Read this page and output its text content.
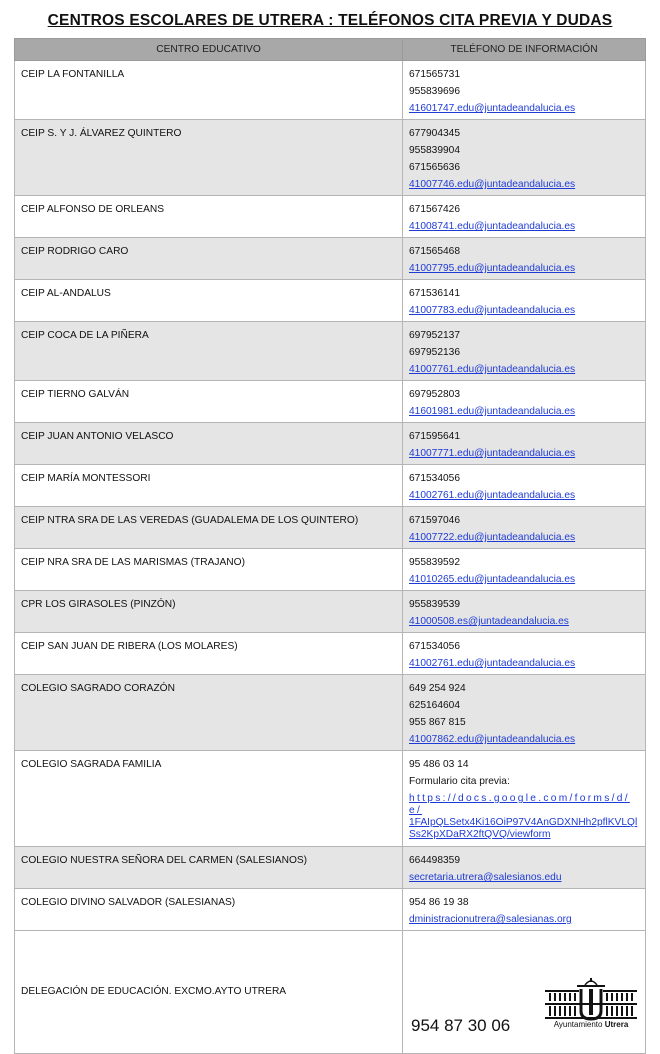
CENTROS ESCOLARES DE UTRERA : TELÉFONOS CITA PREVIA Y DUDAS
CENTRO EDUCATIVO	TELÉFONO DE INFORMACIÓN
CEIP LA FONTANILLA	671565731
955839696
41601747.edu@juntadeandalucia.es

CEIP S. Y J. ÁLVAREZ QUINTERO	677904345
955839904
671565636
41007746.edu@juntadeandalucia.es

CEIP ALFONSO DE ORLEANS	671567426
41008741.edu@juntadeandalucia.es

CEIP RODRIGO CARO	671565468
41007795.edu@juntadeandalucia.es

CEIP AL-ANDALUS	671536141
41007783.edu@juntadeandalucia.es

CEIP COCA DE LA PIÑERA	697952137
697952136
41007761.edu@juntadeandalucia.es

CEIP TIERNO GALVÁN	697952803
41601981.edu@juntadeandalucia.es

CEIP JUAN ANTONIO VELASCO	671595641
41007771.edu@juntadeandalucia.es

CEIP MARÍA MONTESSORI	671534056
41002761.edu@juntadeandalucia.es

CEIP NTRA SRA DE LAS VEREDAS (GUADALEMA DE LOS QUINTERO)	671597046
41007722.edu@juntadeandalucia.es

CEIP NRA SRA DE LAS MARISMAS (TRAJANO)	955839592
41010265.edu@juntadeandalucia.es

CPR LOS GIRASOLES (PINZÓN)	955839539
41000508.es@juntadeandalucia.es

CEIP SAN JUAN DE RIBERA (LOS MOLARES)	671534056
41002761.edu@juntadeandalucia.es

COLEGIO SAGRADO CORAZÓN	649 254 924
625164604
955 867 815
41007862.edu@juntadeandalucia.es

COLEGIO SAGRADA FAMILIA	95 486 03 14
Formulario cita previa:
https://docs.google.com/forms/d/e/
1FAIpQLSetx4Ki16OiP97V4AnGDXNHh2pflKVLQlSs2KpXDaRX2ftQVQ/viewform

COLEGIO NUESTRA SEÑORA DEL CARMEN (SALESIANOS)	664498359
secretaria.utrera@salesianos.edu

COLEGIO DIVINO SALVADOR (SALESIANAS)	954 86 19 38
dministracionutrera@salesianas.org

DELEGACIÓN DE EDUCACIÓN. EXCMO.AYTO UTRERA	954 87 30 06 Ayuntamiento Utrera
